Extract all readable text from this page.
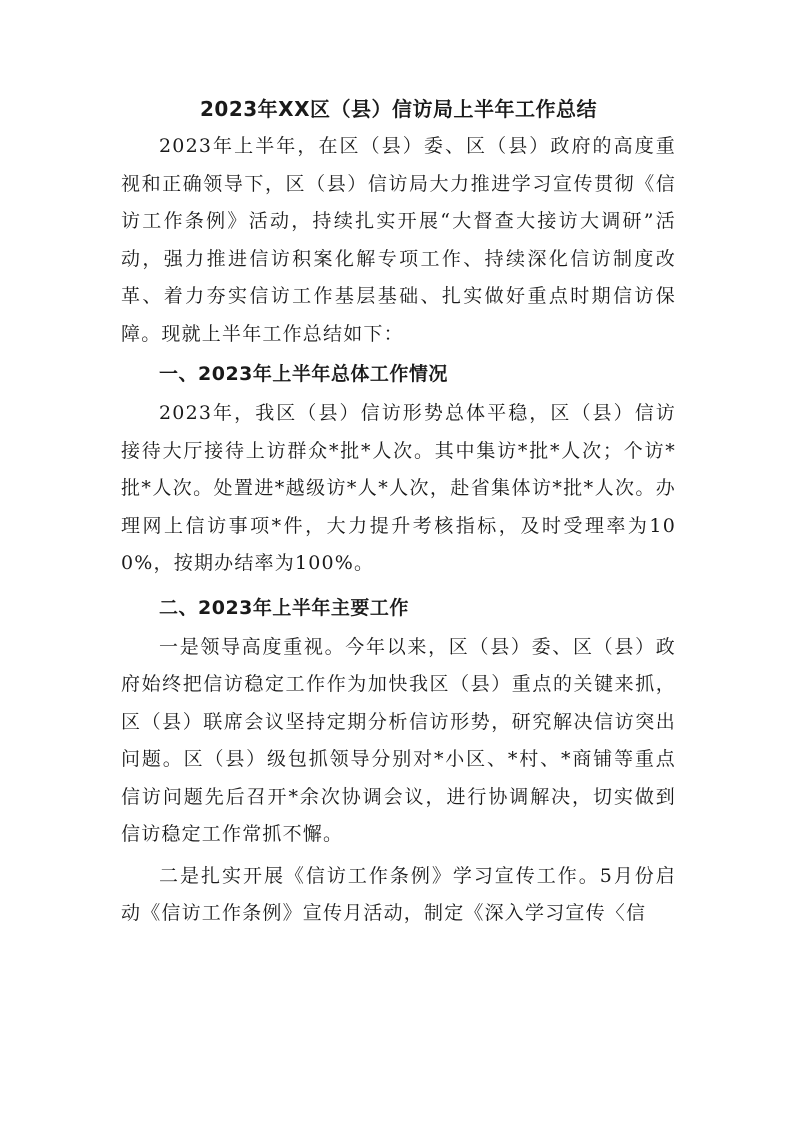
2023年XX区（县）信访局上半年工作总结

2023年上半年，在区（县）委、区（县）政府的高度重视和正确领导下，区（县）信访局大力推进学习宣传贯彻《信访工作条例》活动，持续扎实开展“大督查大接访大调研”活动，强力推进信访积案化解专项工作、持续深化信访制度改革、着力夯实信访工作基层基础、扎实做好重点时期信访保障。现就上半年工作总结如下：

一、2023年上半年总体工作情况

2023年，我区（县）信访形势总体平稳，区（县）信访接待大厅接待上访群众*批*人次。其中集访*批*人次；个访*批*人次。处置进*越级访*人*人次，赴省集体访*批*人次。办理网上信访事项*件，大力提升考核指标，及时受理率为100%，按期办结率为100%。

二、2023年上半年主要工作

一是领导高度重视。今年以来，区（县）委、区（县）政府始终把信访稳定工作作为加快我区（县）重点的关键来抓，区（县）联席会议坚持定期分析信访形势，研究解决信访突出问题。区（县）级包抓领导分别对*小区、*村、*商铺等重点信访问题先后召开*余次协调会议，进行协调解决，切实做到信访稳定工作常抓不懈。

二是扎实开展《信访工作条例》学习宣传工作。5月份启动《信访工作条例》宣传月活动，制定《深入学习宣传〈信
